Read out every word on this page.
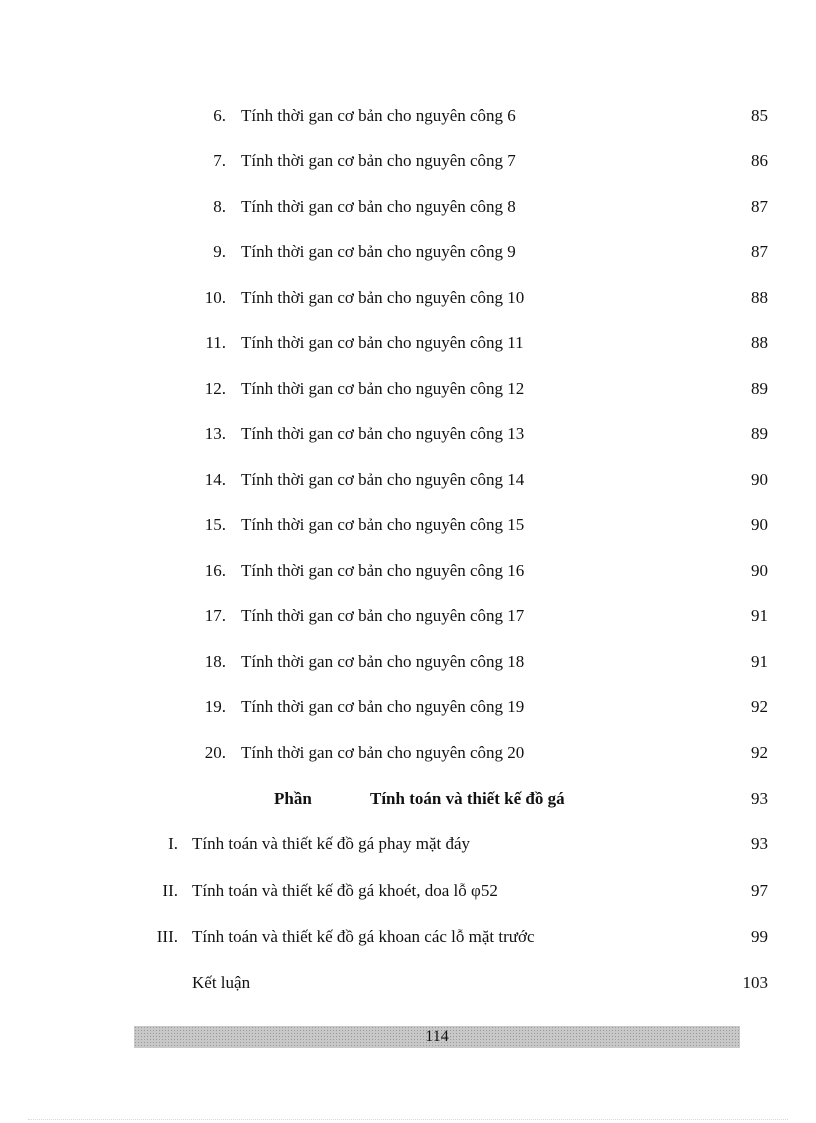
6. Tính thời gan cơ bản cho nguyên công 6	85
7. Tính thời gan cơ bản cho nguyên công 7	86
8. Tính thời gan cơ bản cho nguyên công 8	87
9. Tính thời gan cơ bản cho nguyên công 9	87
10. Tính thời gan cơ bản cho nguyên công 10	88
11. Tính thời gan cơ bản cho nguyên công 11	88
12. Tính thời gan cơ bản cho nguyên công 12	89
13. Tính thời gan cơ bản cho nguyên công 13	89
14. Tính thời gan cơ bản cho nguyên công 14	90
15. Tính thời gan cơ bản cho nguyên công 15	90
16. Tính thời gan cơ bản cho nguyên công 16	90
17. Tính thời gan cơ bản cho nguyên công 17	91
18. Tính thời gan cơ bản cho nguyên công 18	91
19. Tính thời gan cơ bản cho nguyên công 19	92
20. Tính thời gan cơ bản cho nguyên công 20	92
Phần	Tính toán và thiết kế đồ gá	93
I. Tính toán và thiết kế đồ gá phay mặt đáy	93
II. Tính toán và thiết kế đồ gá khoét, doa lỗ φ52	97
III. Tính toán và thiết kế đồ gá khoan các lỗ mặt trước	99
Kết luận	103
114
